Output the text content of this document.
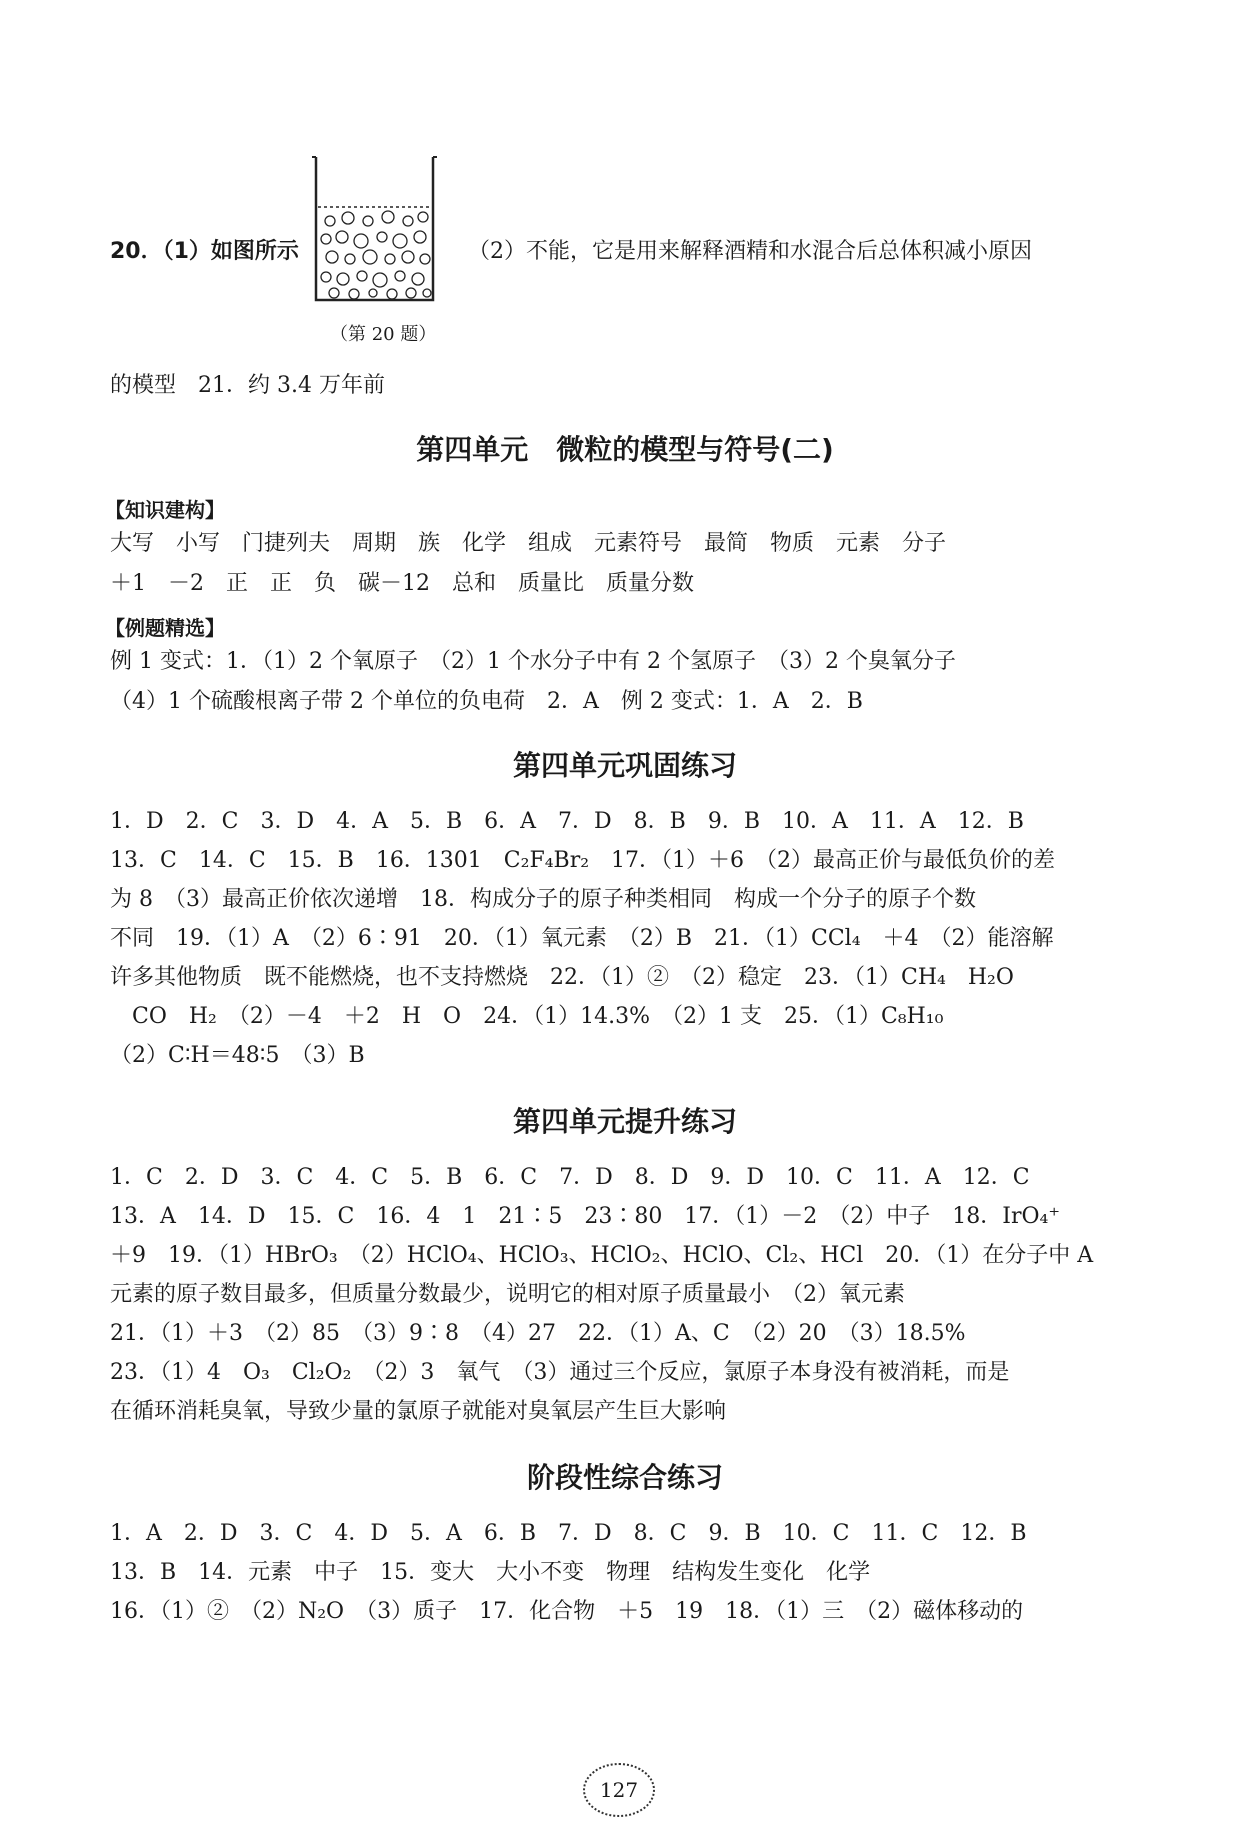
20．（1）如图所示	（2）不能，它是用来解释酒精和水混合后总体积减小原因
（第 20 题）
的模型　21．约 3.4 万年前
第四单元　微粒的模型与符号(二)
【知识建构】
大写　小写　门捷列夫　周期　族　化学　组成　元素符号　最简　物质　元素　分子
＋1　－2　正　正　负　碳－12　总和　质量比　质量分数
【例题精选】
例 1 变式：1．（1）2 个氧原子　（2）1 个水分子中有 2 个氢原子　（3）2 个臭氧分子
（4）1 个硫酸根离子带 2 个单位的负电荷　2．A　例 2 变式：1．A　2．B
第四单元巩固练习
1．D　2．C　3．D　4．A　5．B　6．A　7．D　8．B　9．B　10．A　11．A　12．B
13．C　14．C　15．B　16．1301　C₂F₄Br₂　17．（1）＋6　（2）最高正价与最低负价的差
为 8　（3）最高正价依次递增　18．构成分子的原子种类相同　构成一个分子的原子个数
不同　19．（1）A　（2）6∶91　20．（1）氧元素　（2）B　21．（1）CCl₄　＋4　（2）能溶解
许多其他物质　既不能燃烧，也不支持燃烧　22．（1）②　（2）稳定　23．（1）CH₄　H₂O
　CO　H₂　（2）－4　＋2　H　O　24．（1）14.3%　（2）1 支　25．（1）C₈H₁₀
（2）C∶H＝48∶5　（3）B
第四单元提升练习
1．C　2．D　3．C　4．C　5．B　6．C　7．D　8．D　9．D　10．C　11．A　12．C
13．A　14．D　15．C　16．4　1　21∶5　23∶80　17．（1）－2　（2）中子　18．IrO₄⁺
＋9　19．（1）HBrO₃　（2）HClO₄、HClO₃、HClO₂、HClO、Cl₂、HCl　20．（1）在分子中 A
元素的原子数目最多，但质量分数最少，说明它的相对原子质量最小　（2）氧元素
21．（1）＋3　（2）85　（3）9∶8　（4）27　22．（1）A、C　（2）20　（3）18.5%
23．（1）4　O₃　Cl₂O₂　（2）3　氧气　（3）通过三个反应，氯原子本身没有被消耗，而是
在循环消耗臭氧，导致少量的氯原子就能对臭氧层产生巨大影响
阶段性综合练习
1．A　2．D　3．C　4．D　5．A　6．B　7．D　8．C　9．B　10．C　11．C　12．B
13．B　14．元素　中子　15．变大　大小不变　物理　结构发生变化　化学
16．（1）②　（2）N₂O　（3）质子　17．化合物　＋5　19　18．（1）三　（2）磁体移动的
127
